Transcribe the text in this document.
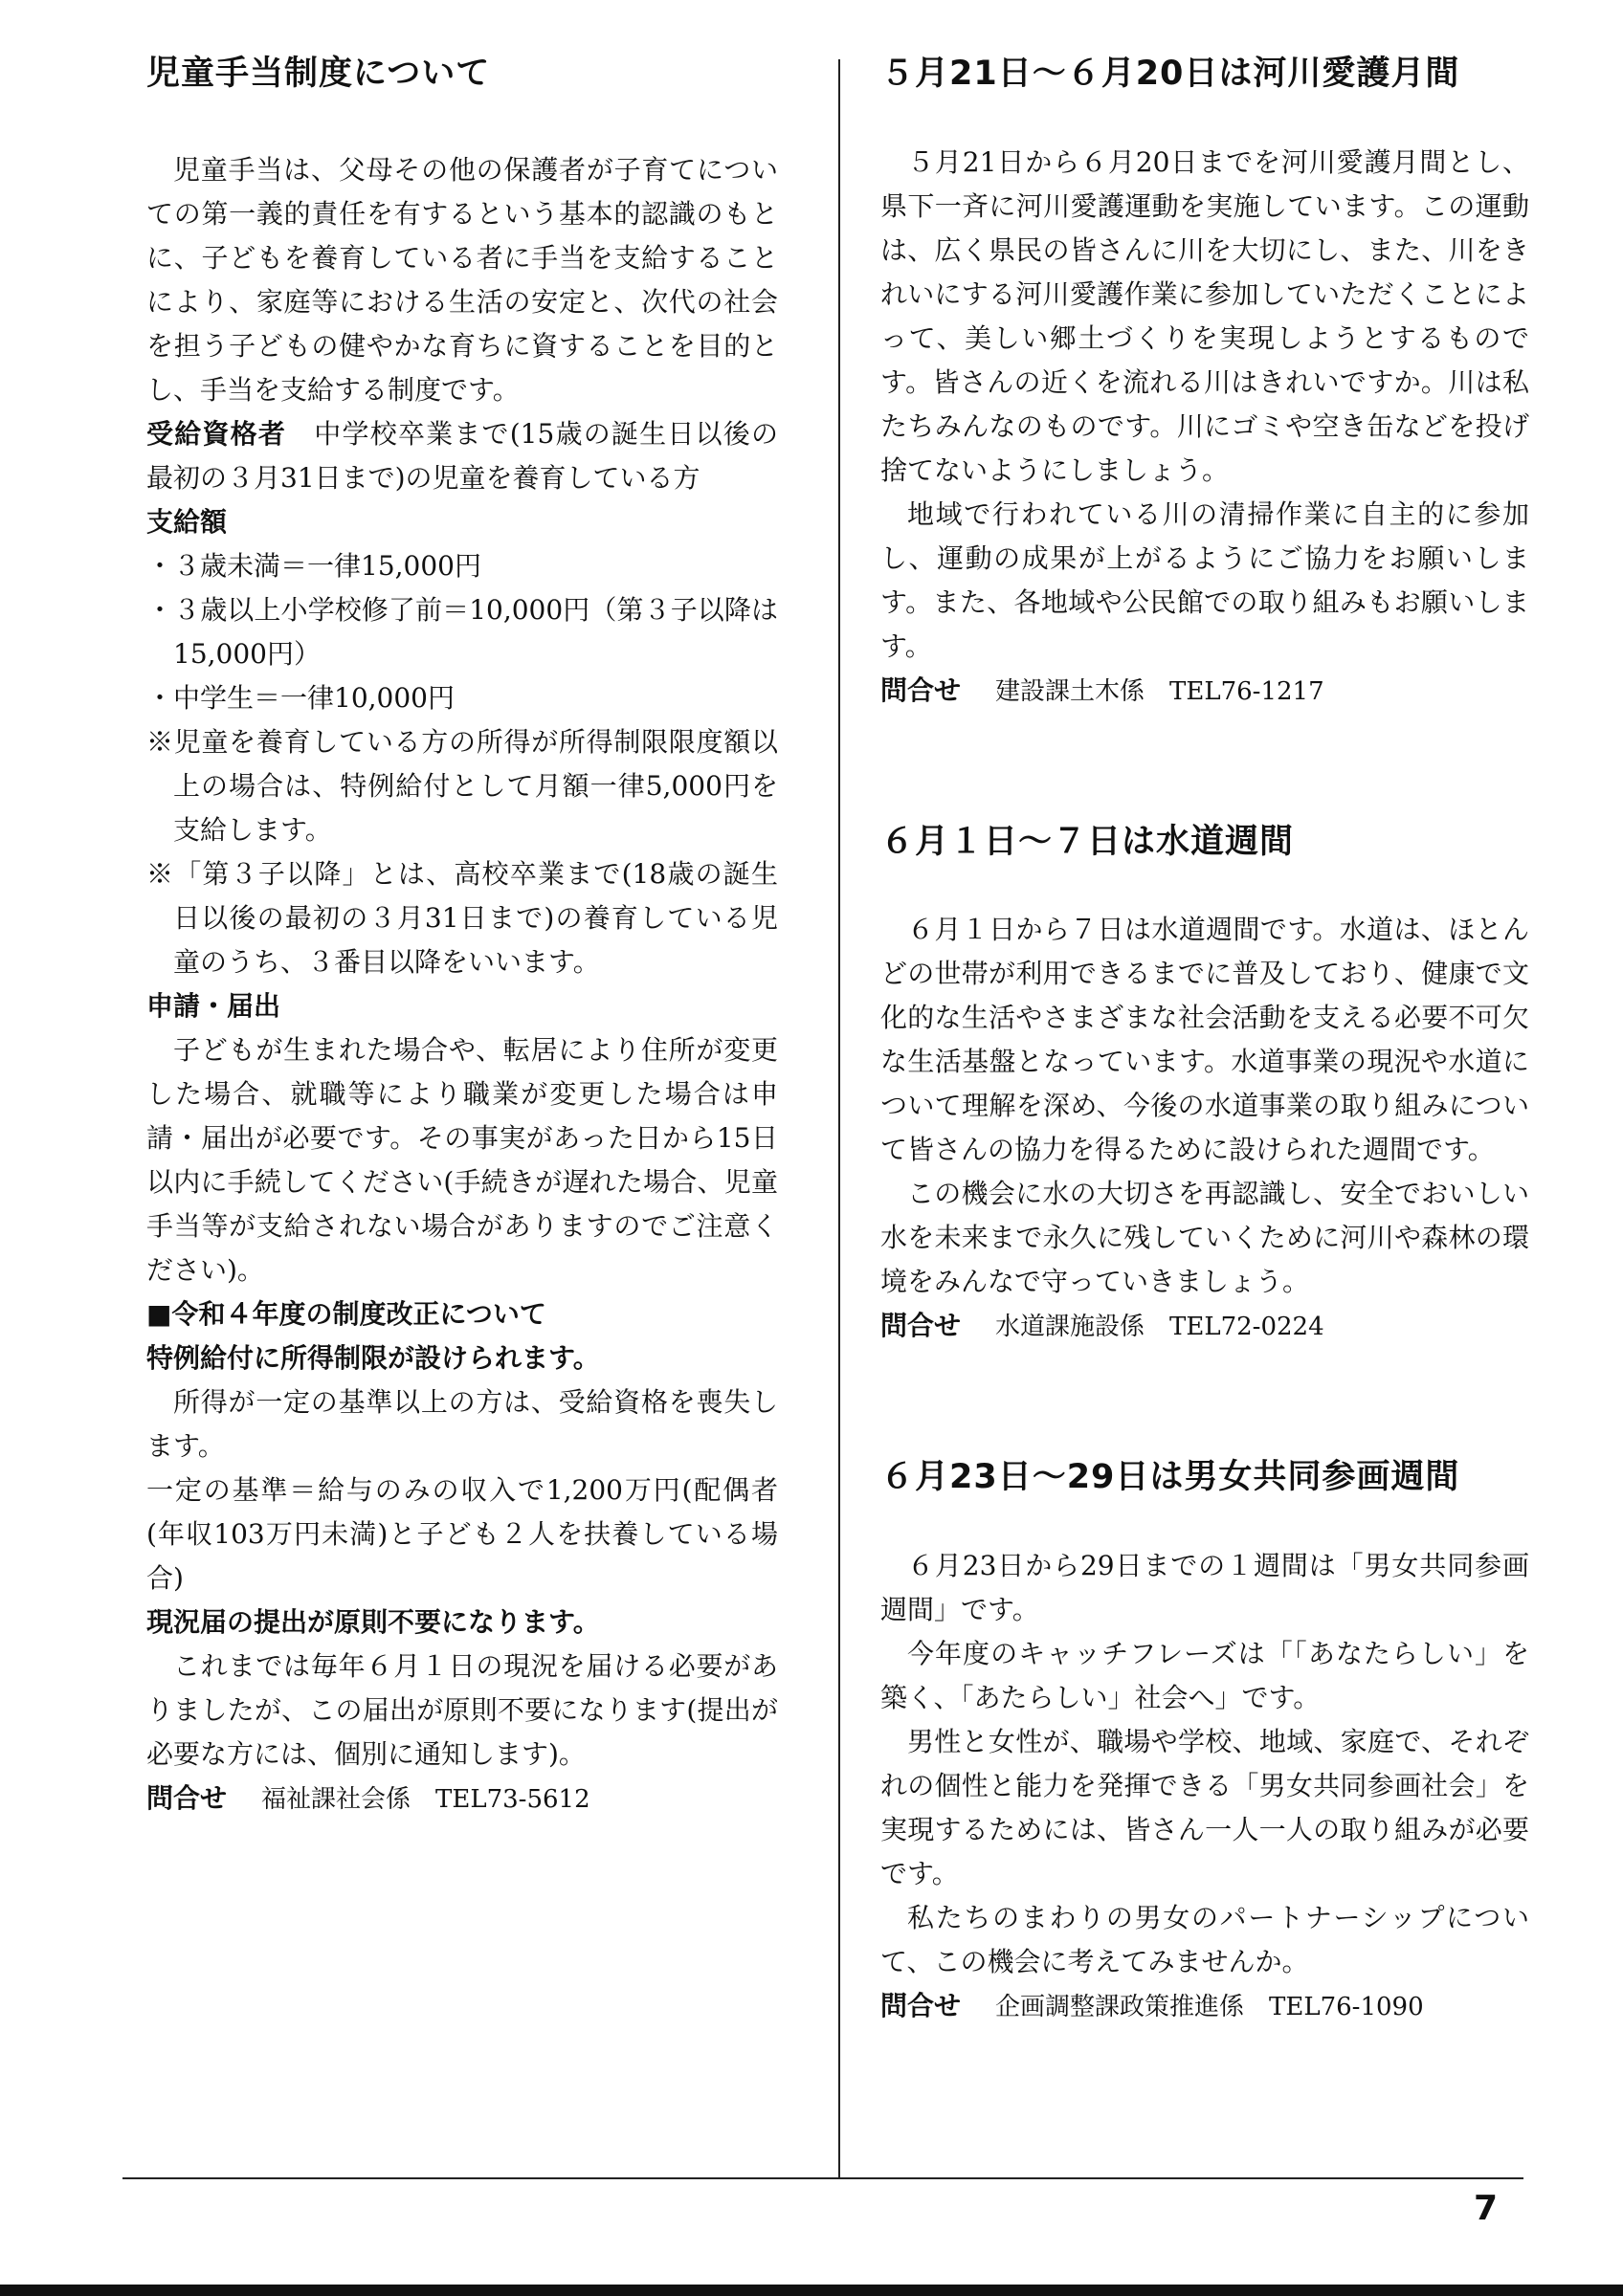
児童手当制度について

児童手当は、父母その他の保護者が子育てについての第一義的責任を有するという基本的認識のもとに、子どもを養育している者に手当を支給することにより、家庭等における生活の安定と、次代の社会を担う子どもの健やかな育ちに資することを目的とし、手当を支給する制度です。

受給資格者　 中学校卒業まで(15歳の誕生日以後の最初の３月31日まで)の児童を養育している方

支給額

・３歳未満＝一律15,000円

・３歳以上小学校修了前＝10,000円（第３子以降は15,000円）

・中学生＝一律10,000円

※児童を養育している方の所得が所得制限限度額以上の場合は、特例給付として月額一律5,000円を支給します。

※「第３子以降」とは、高校卒業まで(18歳の誕生日以後の最初の３月31日まで)の養育している児童のうち、３番目以降をいいます。

申請・届出

子どもが生まれた場合や、転居により住所が変更した場合、就職等により職業が変更した場合は申請・届出が必要です。その事実があった日から15日以内に手続してください(手続きが遅れた場合、児童手当等が支給されない場合がありますのでご注意ください)。

■令和４年度の制度改正について
特例給付に所得制限が設けられます。

所得が一定の基準以上の方は、受給資格を喪失します。

一定の基準＝給与のみの収入で1,200万円(配偶者(年収103万円未満)と子ども２人を扶養している場合)

現況届の提出が原則不要になります。

これまでは毎年６月１日の現況を届ける必要がありましたが、この届出が原則不要になります(提出が必要な方には、個別に通知します)。

問合せ 福祉課社会係　TEL73-5612

５月21日～６月20日は河川愛護月間

５月21日から６月20日までを河川愛護月間とし、県下一斉に河川愛護運動を実施しています。この運動は、広く県民の皆さんに川を大切にし、また、川をきれいにする河川愛護作業に参加していただくことによって、美しい郷土づくりを実現しようとするものです。皆さんの近くを流れる川はきれいですか。川は私たちみんなのものです。川にゴミや空き缶などを投げ捨てないようにしましょう。

地域で行われている川の清掃作業に自主的に参加し、運動の成果が上がるようにご協力をお願いします。また、各地域や公民館での取り組みもお願いします。

問合せ 建設課土木係　TEL76-1217

６月１日～７日は水道週間

６月１日から７日は水道週間です。水道は、ほとんどの世帯が利用できるまでに普及しており、健康で文化的な生活やさまざまな社会活動を支える必要不可欠な生活基盤となっています。水道事業の現況や水道について理解を深め、今後の水道事業の取り組みについて皆さんの協力を得るために設けられた週間です。

この機会に水の大切さを再認識し、安全でおいしい水を未来まで永久に残していくために河川や森林の環境をみんなで守っていきましょう。

問合せ 水道課施設係　TEL72-0224

６月23日～29日は男女共同参画週間

６月23日から29日までの１週間は「男女共同参画週間」です。

今年度のキャッチフレーズは「「あなたらしい」を築く、「あたらしい」社会へ」です。

男性と女性が、職場や学校、地域、家庭で、それぞれの個性と能力を発揮できる「男女共同参画社会」を実現するためには、皆さん一人一人の取り組みが必要です。

私たちのまわりの男女のパートナーシップについて、この機会に考えてみませんか。

問合せ 企画調整課政策推進係　TEL76-1090

7
